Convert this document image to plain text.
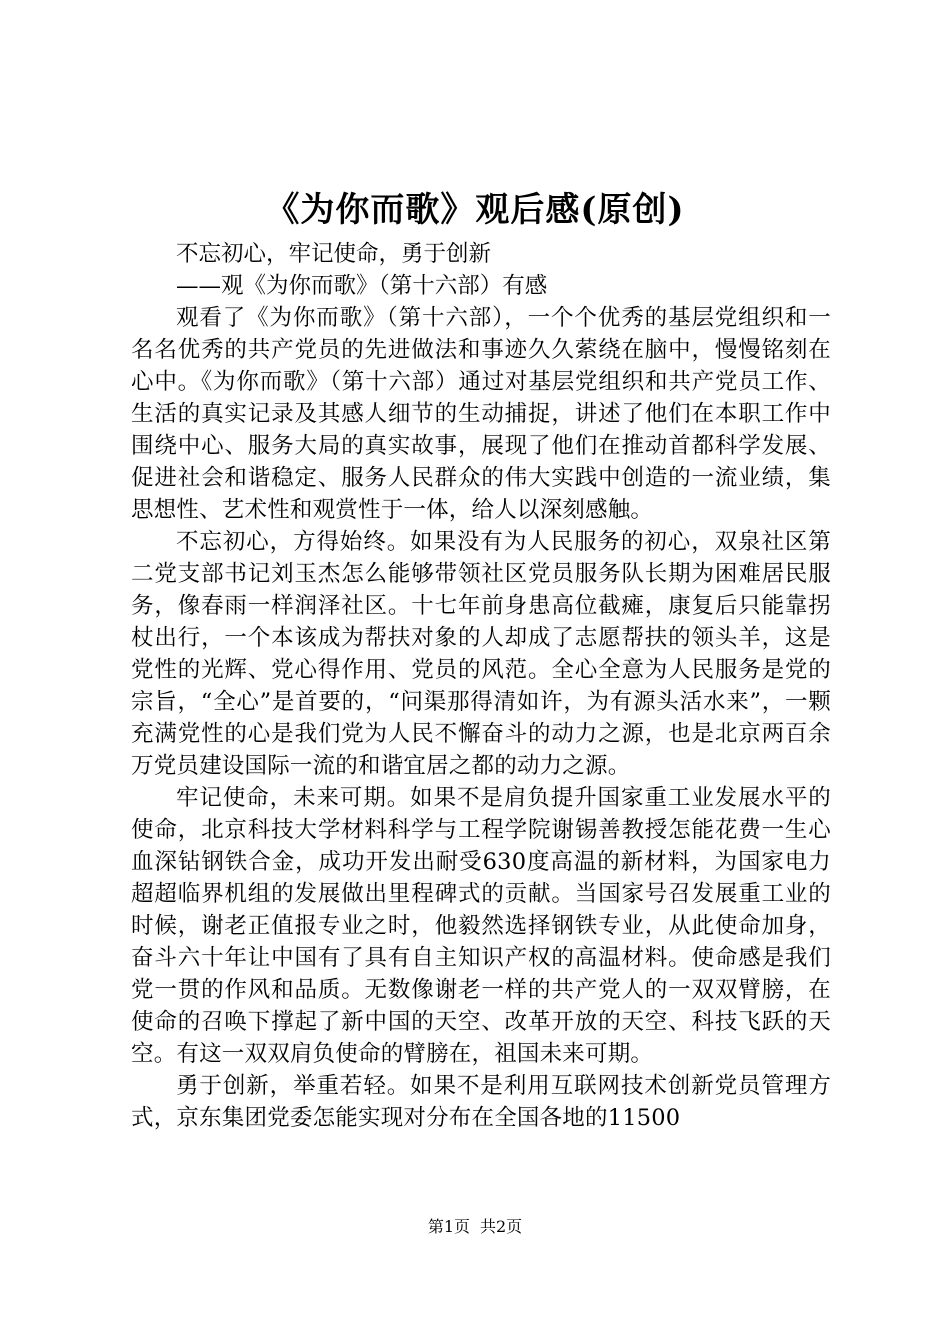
《为你而歌》观后感(原创)

不忘初心，牢记使命，勇于创新

——观《为你而歌》（第十六部）有感

观看了《为你而歌》（第十六部），一个个优秀的基层党组织和一名名优秀的共产党员的先进做法和事迹久久萦绕在脑中，慢慢铭刻在心中。《为你而歌》（第十六部）通过对基层党组织和共产党员工作、生活的真实记录及其感人细节的生动捕捉，讲述了他们在本职工作中围绕中心、服务大局的真实故事，展现了他们在推动首都科学发展、促进社会和谐稳定、服务人民群众的伟大实践中创造的一流业绩，集思想性、艺术性和观赏性于一体，给人以深刻感触。

不忘初心，方得始终。如果没有为人民服务的初心，双泉社区第二党支部书记刘玉杰怎么能够带领社区党员服务队长期为困难居民服务，像春雨一样润泽社区。十七年前身患高位截瘫，康复后只能靠拐杖出行，一个本该成为帮扶对象的人却成了志愿帮扶的领头羊，这是党性的光辉、党心得作用、党员的风范。全心全意为人民服务是党的宗旨，“全心”是首要的，“问渠那得清如许，为有源头活水来”，一颗充满党性的心是我们党为人民不懈奋斗的动力之源，也是北京两百余万党员建设国际一流的和谐宜居之都的动力之源。

牢记使命，未来可期。如果不是肩负提升国家重工业发展水平的使命，北京科技大学材料科学与工程学院谢锡善教授怎能花费一生心血深钻钢铁合金，成功开发出耐受630度高温的新材料，为国家电力超超临界机组的发展做出里程碑式的贡献。当国家号召发展重工业的时候，谢老正值报专业之时，他毅然选择钢铁专业，从此使命加身，奋斗六十年让中国有了具有自主知识产权的高温材料。使命感是我们党一贯的作风和品质。无数像谢老一样的共产党人的一双双臂膀，在使命的召唤下撑起了新中国的天空、改革开放的天空、科技飞跃的天空。有这一双双肩负使命的臂膀在，祖国未来可期。

勇于创新，举重若轻。如果不是利用互联网技术创新党员管理方式，京东集团党委怎能实现对分布在全国各地的11500

第1页 共2页
